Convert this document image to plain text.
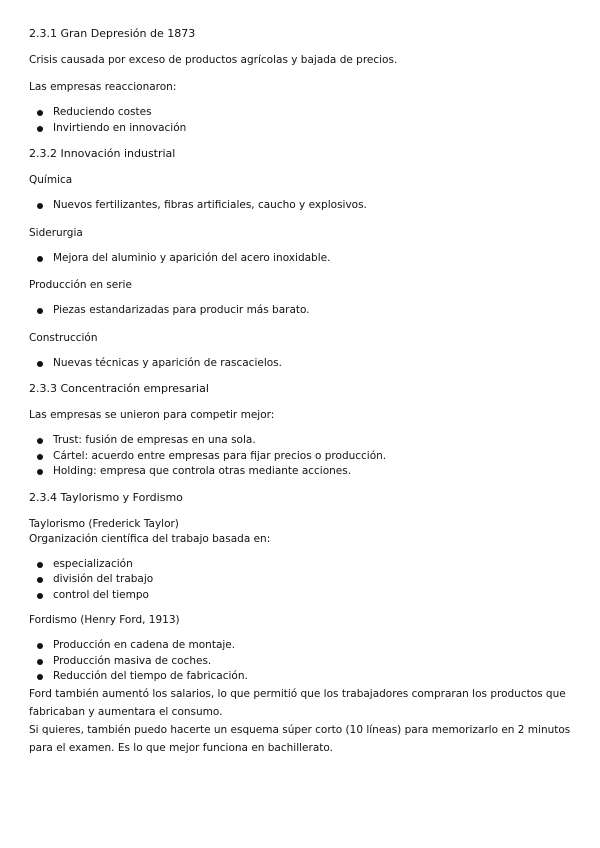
2.3.1 Gran Depresión de 1873

Crisis causada por exceso de productos agrícolas y bajada de precios.

Las empresas reaccionaron:

Reduciendo costes
Invirtiendo en innovación

2.3.2 Innovación industrial

Química

Nuevos fertilizantes, fibras artificiales, caucho y explosivos.

Siderurgia

Mejora del aluminio y aparición del acero inoxidable.

Producción en serie

Piezas estandarizadas para producir más barato.

Construcción

Nuevas técnicas y aparición de rascacielos.

2.3.3 Concentración empresarial

Las empresas se unieron para competir mejor:

Trust: fusión de empresas en una sola.
Cártel: acuerdo entre empresas para fijar precios o producción.
Holding: empresa que controla otras mediante acciones.

2.3.4 Taylorismo y Fordismo

Taylorismo (Frederick Taylor)

Organización científica del trabajo basada en:

especialización
división del trabajo
control del tiempo

Fordismo (Henry Ford, 1913)

Producción en cadena de montaje.
Producción masiva de coches.
Reducción del tiempo de fabricación.

Ford también aumentó los salarios, lo que permitió que los trabajadores compraran los productos que fabricaban y aumentara el consumo.

Si quieres, también puedo hacerte un esquema súper corto (10 líneas) para memorizarlo en 2 minutos para el examen. Es lo que mejor funciona en bachillerato.
